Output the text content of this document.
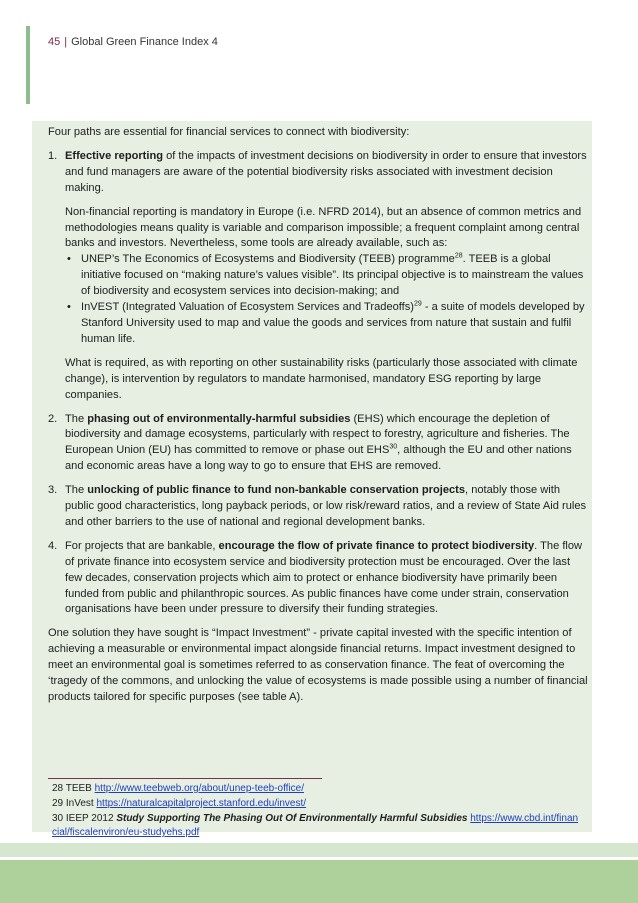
45 | Global Green Finance Index 4

Four paths are essential for financial services to connect with biodiversity:

1. Effective reporting of the impacts of investment decisions on biodiversity in order to ensure that investors and fund managers are aware of the potential biodiversity risks associated with investment decision making.

Non-financial reporting is mandatory in Europe (i.e. NFRD 2014), but an absence of common metrics and methodologies means quality is variable and comparison impossible; a frequent complaint among central banks and investors. Nevertheless, some tools are already available, such as:

• UNEP’s The Economics of Ecosystems and Biodiversity (TEEB) programme$^{28}$. TEEB is a global initiative focused on “making nature’s values visible”. Its principal objective is to mainstream the values of biodiversity and ecosystem services into decision-making; and
• InVEST (Integrated Valuation of Ecosystem Services and Tradeoffs)$^{29}$ - a suite of models developed by Stanford University used to map and value the goods and services from nature that sustain and fulfil human life.

What is required, as with reporting on other sustainability risks (particularly those associated with climate change), is intervention by regulators to mandate harmonised, mandatory ESG reporting by large companies.

2. The phasing out of environmentally-harmful subsidies (EHS) which encourage the depletion of biodiversity and damage ecosystems, particularly with respect to forestry, agriculture and fisheries. The European Union (EU) has committed to remove or phase out EHS$^{30}$, although the EU and other nations and economic areas have a long way to go to ensure that EHS are removed.

3. The unlocking of public finance to fund non-bankable conservation projects, notably those with public good characteristics, long payback periods, or low risk/reward ratios, and a review of State Aid rules and other barriers to the use of national and regional development banks.

4. For projects that are bankable, encourage the flow of private finance to protect biodiversity. The flow of private finance into ecosystem service and biodiversity protection must be encouraged. Over the last few decades, conservation projects which aim to protect or enhance biodiversity have primarily been funded from public and philanthropic sources. As public finances have come under strain, conservation organisations have been under pressure to diversify their funding strategies.

One solution they have sought is “Impact Investment” - private capital invested with the specific intention of achieving a measurable or environmental impact alongside financial returns. Impact investment designed to meet an environmental goal is sometimes referred to as conservation finance. The feat of overcoming the ‘tragedy of the commons, and unlocking the value of ecosystems is made possible using a number of financial products tailored for specific purposes (see table A).

28 TEEB http://www.teebweb.org/about/unep-teeb-office/
29 InVest https://naturalcapitalproject.stanford.edu/invest/
30 IEEP 2012 Study Supporting The Phasing Out Of Environmentally Harmful Subsidies https://www.cbd.int/financial/fiscalenviron/eu-studyehs.pdf
